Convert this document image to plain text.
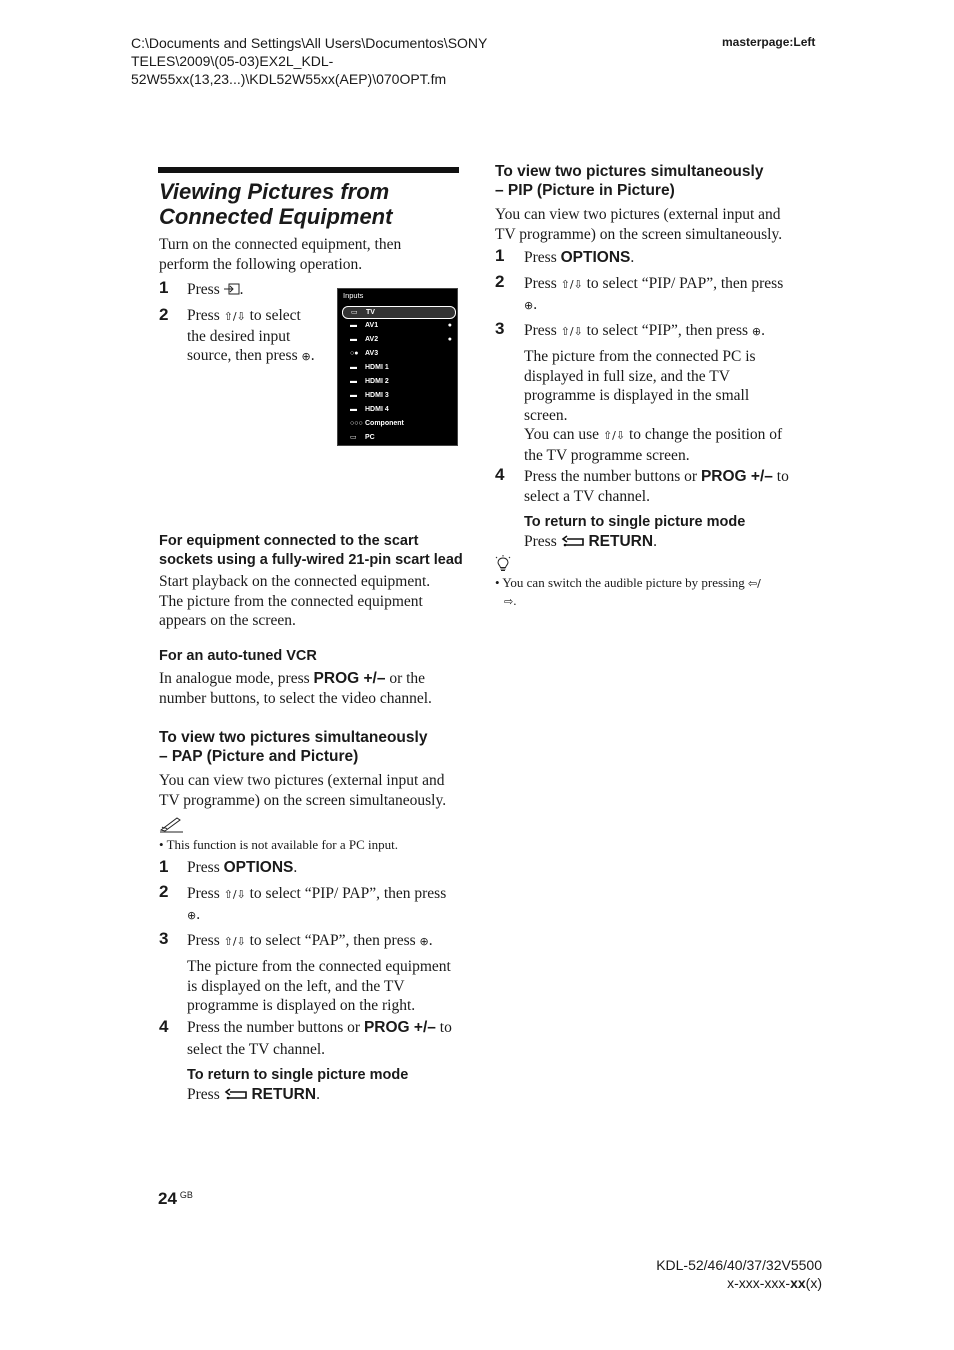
C:\Documents and Settings\All Users\Documentos\SONY
TELES\2009\(05-03)EX2L_KDL-
52W55xx(13,23...)\KDL52W55xx(AEP)\070OPT.fm
masterpage:Left
Viewing Pictures from
Connected Equipment
Turn on the connected equipment, then
perform the following operation.
1 Press .
2 Press ⇧/⇩ to select
the desired input
source, then press ⊕.
Inputs
▭ TV
▬ AV1	●
▬ AV2	●
○● AV3
▬ HDMI 1
▬ HDMI 2
▬ HDMI 3
▬ HDMI 4
○○○ Component
▭ PC
For equipment connected to the scart
sockets using a fully-wired 21-pin scart lead
Start playback on the connected equipment.
The picture from the connected equipment
appears on the screen.
For an auto-tuned VCR
In analogue mode, press PROG +/– or the
number buttons, to select the video channel.
To view two pictures simultaneously
– PAP (Picture and Picture)
You can view two pictures (external input and
TV programme) on the screen simultaneously.
• This function is not available for a PC input.
1 Press OPTIONS.
2 Press ⇧/⇩ to select “PIP/ PAP”, then press
⊕.
3 Press ⇧/⇩ to select “PAP”, then press ⊕.
The picture from the connected equipment
is displayed on the left, and the TV
programme is displayed on the right.
4 Press the number buttons or PROG +/– to
select the TV channel.
To return to single picture mode
Press RETURN.
To view two pictures simultaneously
– PIP (Picture in Picture)
You can view two pictures (external input and
TV programme) on the screen simultaneously.
1 Press OPTIONS.
2 Press ⇧/⇩ to select “PIP/ PAP”, then press
⊕.
3 Press ⇧/⇩ to select “PIP”, then press ⊕.
The picture from the connected PC is
displayed in full size, and the TV
programme is displayed in the small
screen.
You can use ⇧/⇩ to change the position of
the TV programme screen.
4 Press the number buttons or PROG +/– to
select a TV channel.
To return to single picture mode
Press RETURN.
• You can switch the audible picture by pressing ⇦/
⇨.
24 $^{GB}$
KDL-52/46/40/37/32V5500
x-xxx-xxx-xx(x)
